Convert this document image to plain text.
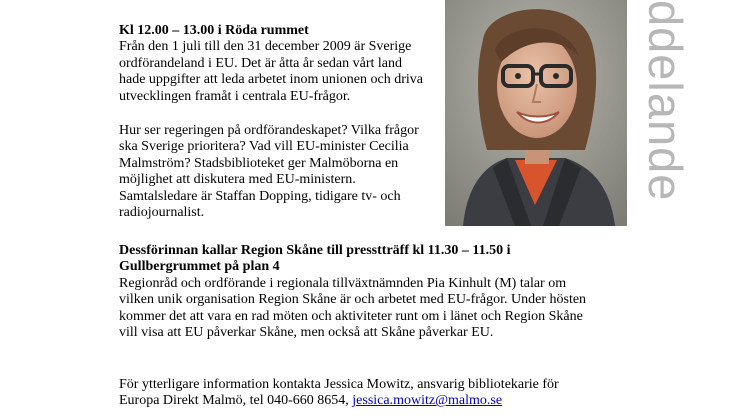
Kl 12.00 – 13.00 i Röda rummet

Från den 1 juli till den 31 december 2009 är Sverige ordförandeland i EU. Det är åtta år sedan vårt land hade uppgifter att leda arbetet inom unionen och driva utvecklingen framåt i centrala EU-frågor.

Hur ser regeringen på ordförandeskapet? Vilka frågor ska Sverige prioritera? Vad vill EU-minister Cecilia Malmström? Stadsbiblioteket ger Malmöborna en möjlighet att diskutera med EU-ministern. Samtalsledare är Staffan Dopping, tidigare tv- och radiojournalist.

Dessförinnan kallar Region Skåne till presstträff kl 11.30 – 11.50 i Gullbergrummet på plan 4

Regionråd och ordförande i regionala tillväxtnämnden Pia Kinhult (M) talar om vilken unik organisation Region Skåne är och arbetet med EU-frågor. Under hösten kommer det att vara en rad möten och aktiviteter runt om i länet och Region Skåne vill visa att EU påverkar Skåne, men också att Skåne påverkar EU.

För ytterligare information kontakta Jessica Mowitz, ansvarig bibliotekarie för Europa Direkt Malmö, tel 040-660 8654, jessica.mowitz@malmo.se

ddelande
